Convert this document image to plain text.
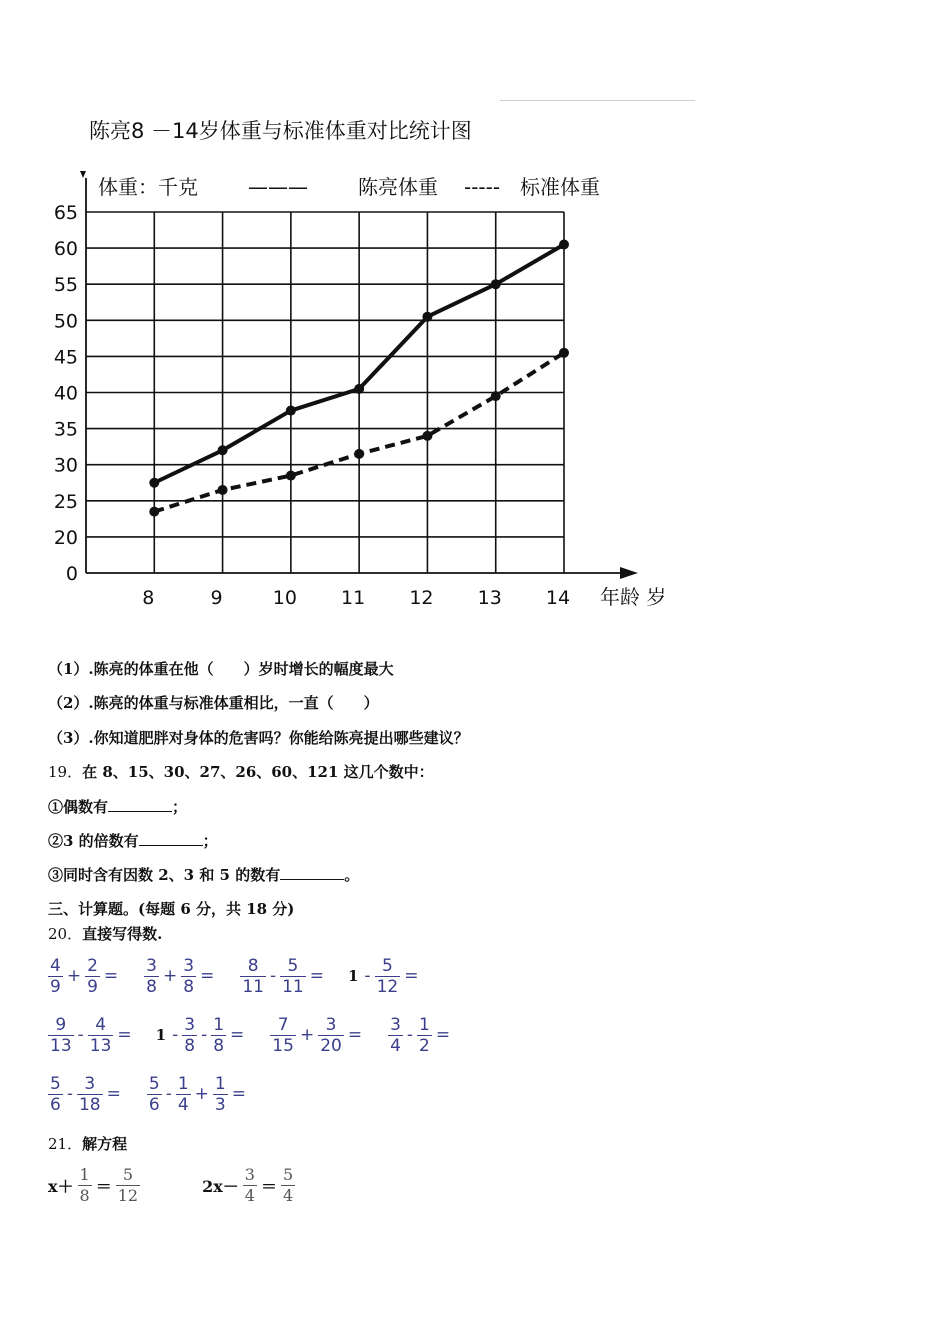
陈亮8 －14岁体重与标准体重对比统计图
0
20
25
30
35
40
45
50
55
60
65
8	9	10 11 12 13 14
体重：千克	———	陈亮体重 ----- 标准体重
年龄 岁
（1）.陈亮的体重在他（　　）岁时增长的幅度最大
（2）.陈亮的体重与标准体重相比，一直（　　）
（3）.你知道肥胖对身体的危害吗？你能给陈亮提出哪些建议？
19．在 8、15、30、27、26、60、121 这几个数中：
①偶数有	；
②3 的倍数有	；
③同时含有因数 2、3 和 5 的数有	。
三、计算题。(每题 6 分，共 18 分)
20．直接写得数.
$\frac{4}{9} + \frac{2}{9} = \frac{3}{8} + \frac{3}{8} = \frac{8}{11} - \frac{5}{11} = 1 - \frac{5}{12}$ =
$\frac{9}{13} - \frac{4}{13} = 1 - \frac{3}{8} - \frac{1}{8} = \frac{7}{15} + \frac{3}{20} = \frac{3}{4} - \frac{1}{2}$ =
$\frac{5}{6} - \frac{3}{18} = \frac{5}{6} - \frac{1}{4} + \frac{1}{3}$ =
21．解方程
$x+ \frac{1}{8} = \frac{5}{12}$	$2x- \frac{3}{4} = \frac{5}{4}$
